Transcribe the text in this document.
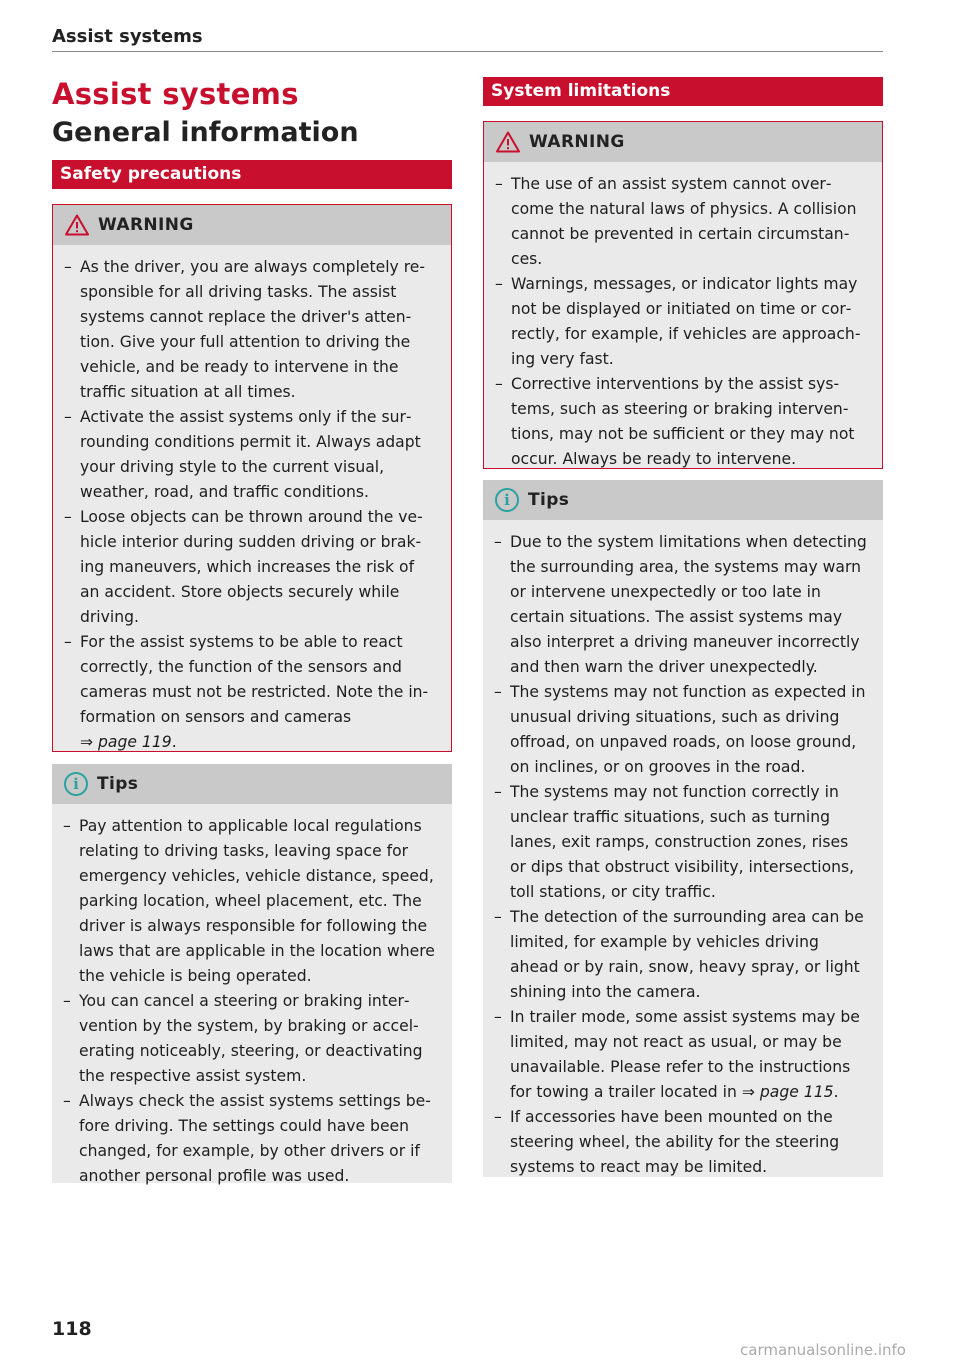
Assist systems
Assist systems
General information
Safety precautions
WARNING
– As the driver, you are always completely responsible for all driving tasks. The assist systems cannot replace the driver's attention. Give your full attention to driving the vehicle, and be ready to intervene in the traffic situation at all times.
– Activate the assist systems only if the surrounding conditions permit it. Always adapt your driving style to the current visual, weather, road, and traffic conditions.
– Loose objects can be thrown around the vehicle interior during sudden driving or braking maneuvers, which increases the risk of an accident. Store objects securely while driving.
– For the assist systems to be able to react correctly, the function of the sensors and cameras must not be restricted. Note the information on sensors and cameras ⇒ page 119.
i	Tips
– Pay attention to applicable local regulations relating to driving tasks, leaving space for emergency vehicles, vehicle distance, speed, parking location, wheel placement, etc. The driver is always responsible for following the laws that are applicable in the location where the vehicle is being operated.
– You can cancel a steering or braking intervention by the system, by braking or accelerating noticeably, steering, or deactivating the respective assist system.
– Always check the assist systems settings before driving. The settings could have been changed, for example, by other drivers or if another personal profile was used.
System limitations
WARNING
– The use of an assist system cannot overcome the natural laws of physics. A collision cannot be prevented in certain circumstances.
– Warnings, messages, or indicator lights may not be displayed or initiated on time or correctly, for example, if vehicles are approaching very fast.
– Corrective interventions by the assist systems, such as steering or braking interventions, may not be sufficient or they may not occur. Always be ready to intervene.
i	Tips
– Due to the system limitations when detecting the surrounding area, the systems may warn or intervene unexpectedly or too late in certain situations. The assist systems may also interpret a driving maneuver incorrectly and then warn the driver unexpectedly.
– The systems may not function as expected in unusual driving situations, such as driving offroad, on unpaved roads, on loose ground, on inclines, or on grooves in the road.
– The systems may not function correctly in unclear traffic situations, such as turning lanes, exit ramps, construction zones, rises or dips that obstruct visibility, intersections, toll stations, or city traffic.
– The detection of the surrounding area can be limited, for example by vehicles driving ahead or by rain, snow, heavy spray, or light shining into the camera.
– In trailer mode, some assist systems may be limited, may not react as usual, or may be unavailable. Please refer to the instructions for towing a trailer located in ⇒ page 115.
– If accessories have been mounted on the steering wheel, the ability for the steering systems to react may be limited.
118
carmanualsonline.info
